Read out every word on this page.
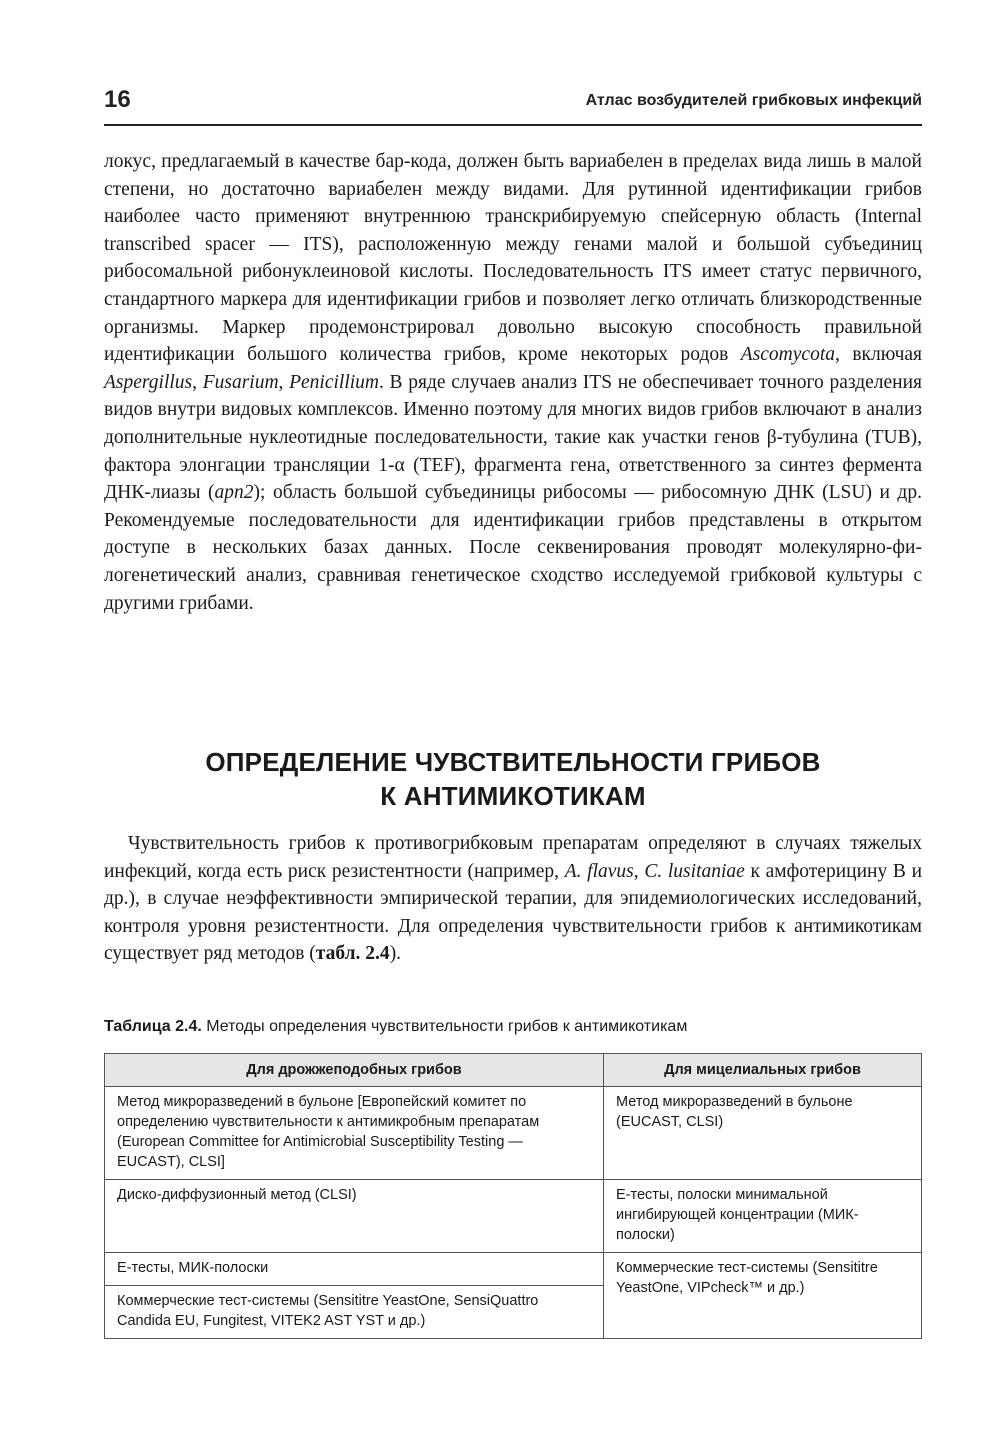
16	Атлас возбудителей грибковых инфекций

локус, предлагаемый в качестве бар-кода, должен быть вариабелен в пределах вида лишь в малой степени, но достаточно вариабелен между видами. Для рутинной идентификации грибов наиболее часто применяют внутреннюю транскрибируемую спейсерную область (Internal transcribed spacer — ITS), расположенную между генами малой и большой субъединиц рибосомальной рибонуклеиновой кислоты. Последовательность ITS имеет статус первичного, стандартного маркера для идентификации грибов и позволяет легко отличать близкородственные организмы. Маркер продемонстрировал довольно высокую способность правильной идентификации большого количества грибов, кроме некоторых родов Ascomycota, включая Aspergillus, Fusarium, Penicillium. В ряде случаев анализ ITS не обеспечивает точного разделения видов внутри видовых комплексов. Именно поэтому для многих видов грибов включают в анализ дополнительные нуклеотидные последовательности, такие как участки генов β-тубулина (TUB), фактора элонгации трансляции 1-α (TEF), фрагмента гена, ответственного за синтез фермента ДНК-лиазы (apn2); область большой субъединицы рибосомы — рибосомную ДНК (LSU) и др. Рекомендуемые последовательности для идентификации грибов представлены в открытом доступе в нескольких базах данных. После секвенирования проводят молекулярно-филогенетический анализ, сравнивая генетическое сходство исследуемой грибковой культуры с другими грибами.

ОПРЕДЕЛЕНИЕ ЧУВСТВИТЕЛЬНОСТИ ГРИБОВ
К АНТИМИКОТИКАМ

Чувствительность грибов к противогрибковым препаратам определяют в случаях тяжелых инфекций, когда есть риск резистентности (например, A. flavus, C. lusitaniae к амфотерицину В и др.), в случае неэффективности эмпирической терапии, для эпидемиологических исследований, контроля уровня резистентности. Для определения чувствительности грибов к антимикотикам существует ряд методов (табл. 2.4).

Таблица 2.4. Методы определения чувствительности грибов к антимикотикам
Для дрожжеподобных грибов	Для мицелиальных грибов
Метод микроразведений в бульоне [Европейский комитет по определению чувствительности к антимикробным препаратам (European Committee for Antimicrobial Susceptibility Testing — EUCAST), CLSI]	Метод микроразведений в бульоне (EUCAST, CLSI)
Диско-диффузионный метод (CLSI)	Е-тесты, полоски минимальной ингибирующей концентрации (МИК-полоски)
Е-тесты, МИК-полоски	Коммерческие тест-системы (Sensititre YeastOne, VIPcheck™ и др.)
Коммерческие тест-системы (Sensititre YeastOne, SensiQuattro Candida EU, Fungitest, VITEK2 AST YST и др.)	
